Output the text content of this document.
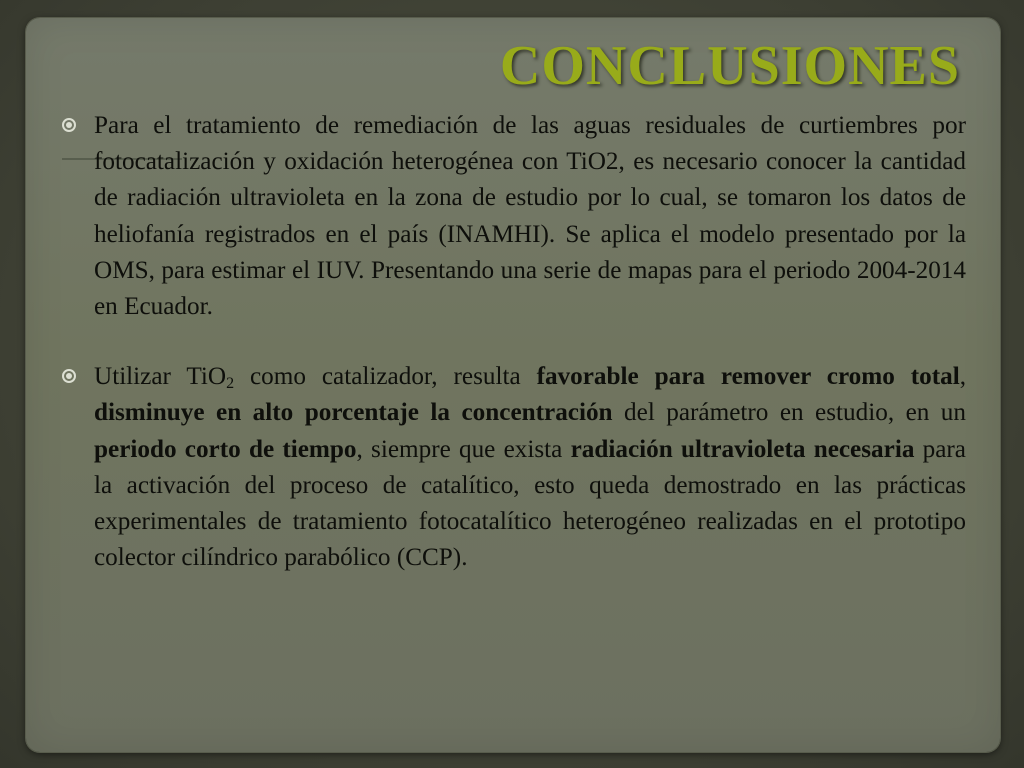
CONCLUSIONES

Para el tratamiento de remediación de las aguas residuales de curtiembres por fotocatalización y oxidación heterogénea con TiO2, es necesario conocer la cantidad de radiación ultravioleta en la zona de estudio por lo cual, se tomaron los datos de heliofanía registrados en el país (INAMHI). Se aplica el modelo presentado por la OMS, para estimar el IUV. Presentando una serie de mapas para el periodo 2004-2014 en Ecuador.

Utilizar TiO$_2$ como catalizador, resulta favorable para remover cromo total, disminuye en alto porcentaje la concentración del parámetro en estudio, en un periodo corto de tiempo, siempre que exista radiación ultravioleta necesaria para la activación del proceso de catalítico, esto queda demostrado en las prácticas experimentales de tratamiento fotocatalítico heterogéneo realizadas en el prototipo colector cilíndrico parabólico (CCP).
